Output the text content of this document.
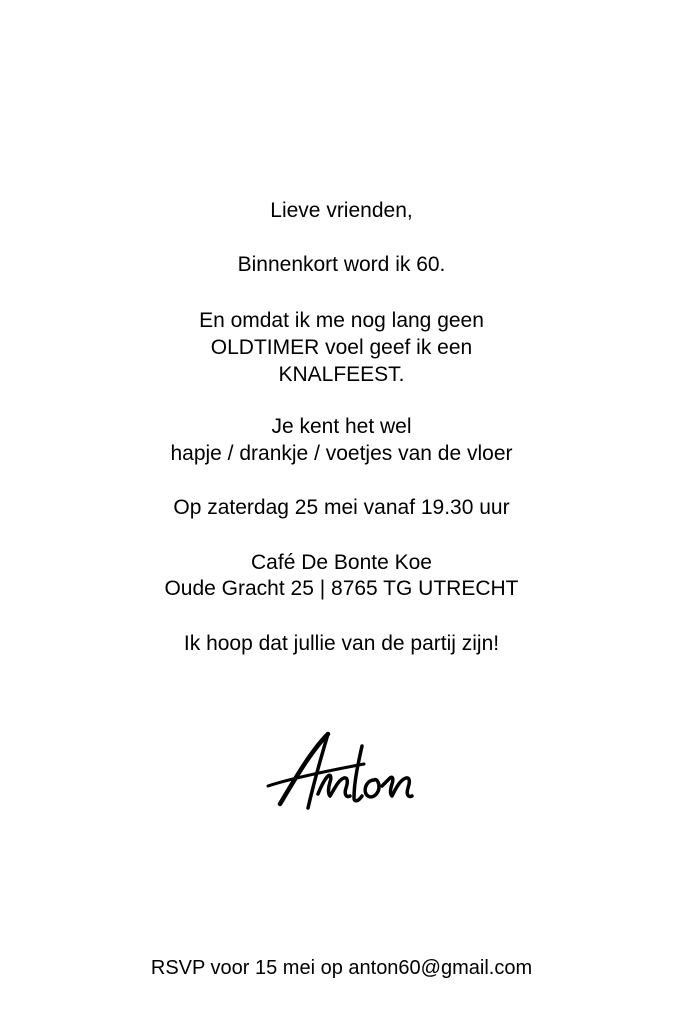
Lieve vrienden,
Binnenkort word ik 60.
En omdat ik me nog lang geen
OLDTIMER voel geef ik een
KNALFEEST.
Je kent het wel
hapje / drankje / voetjes van de vloer
Op zaterdag 25 mei vanaf 19.30 uur
Café De Bonte Koe
Oude Gracht 25 | 8765 TG UTRECHT
Ik hoop dat jullie van de partij zijn!
RSVP voor 15 mei op anton60@gmail.com
